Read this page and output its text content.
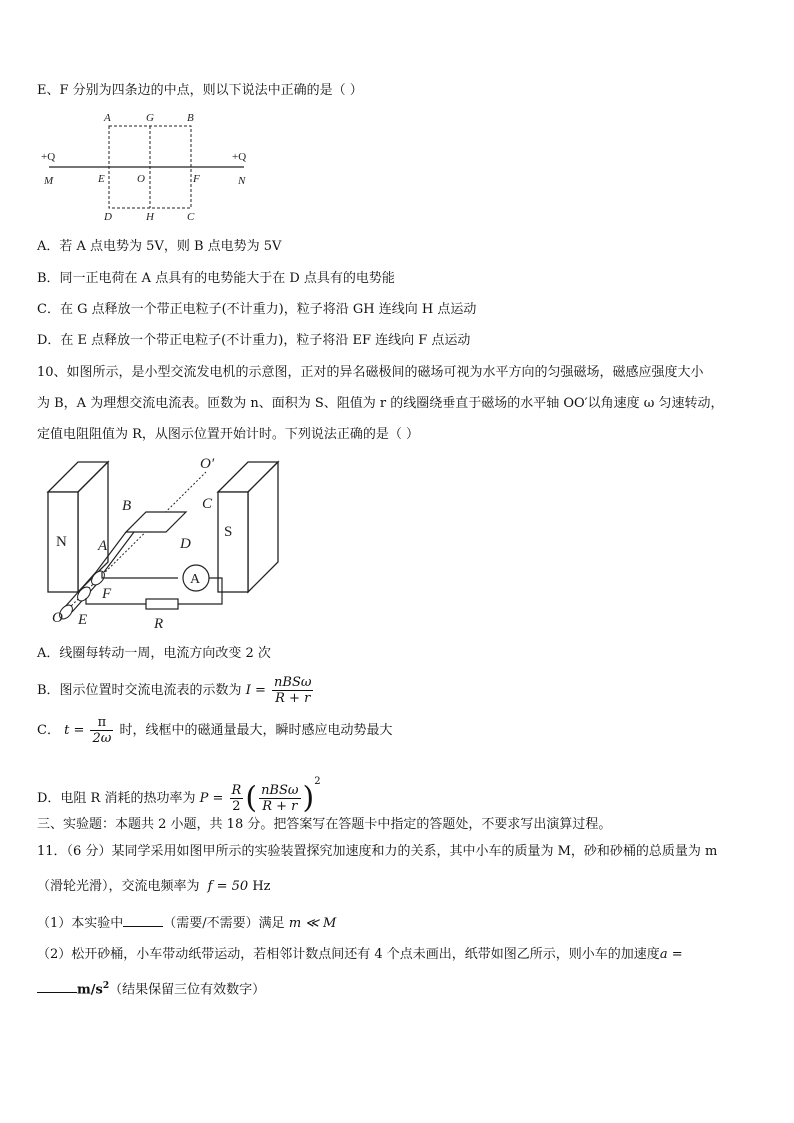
E、F 分别为四条边的中点，则以下说法中正确的是（ ）
A	G	B
E	O	F
M	N
D	H	C
+Q	+Q
A．若 A 点电势为 5V，则 B 点电势为 5V
B．同一正电荷在 A 点具有的电势能大于在 D 点具有的电势能
C．在 G 点释放一个带正电粒子(不计重力)，粒子将沿 GH 连线向 H 点运动
D．在 E 点释放一个带正电粒子(不计重力)，粒子将沿 EF 连线向 F 点运动
10、如图所示，是小型交流发电机的示意图，正对的异名磁极间的磁场可视为水平方向的匀强磁场，磁感应强度大小
为 B，A 为理想交流电流表。匝数为 n、面积为 S、阻值为 r 的线圈绕垂直于磁场的水平轴 OO′以角速度 ω 匀速转动，
定值电阻阻值为 R，从图示位置开始计时。下列说法正确的是（ ）
O′
B	C
A	D
F
O E	R
N
S
A
A．线圈每转动一周，电流方向改变 2 次
B．图示位置时交流电流表的示数为 $I = \frac{\text{nBSω}}{R + r}$
C． $t = \frac{\pi}{2\omega}$ 时，线框中的磁通量最大，瞬时感应电动势最大
D．电阻 R 消耗的热功率为 $P = \frac{R}{2}$ ( $\frac{\text{nBSω}}{R + r} )^2$
三、实验题：本题共 2 小题，共 18 分。把答案写在答题卡中指定的答题处，不要求写出演算过程。
11．（6 分）某同学采用如图甲所示的实验装置探究加速度和力的关系，其中小车的质量为 M，砂和砂桶的总质量为 m
（滑轮光滑），交流电频率为 f = 50 Hz
（1）本实验中	（需要/不需要）满足 m ≪ M
（2）松开砂桶，小车带动纸带运动，若相邻计数点间还有 4 个点未画出，纸带如图乙所示，则小车的加速度a =
$m/s^2$（结果保留三位有效数字）
